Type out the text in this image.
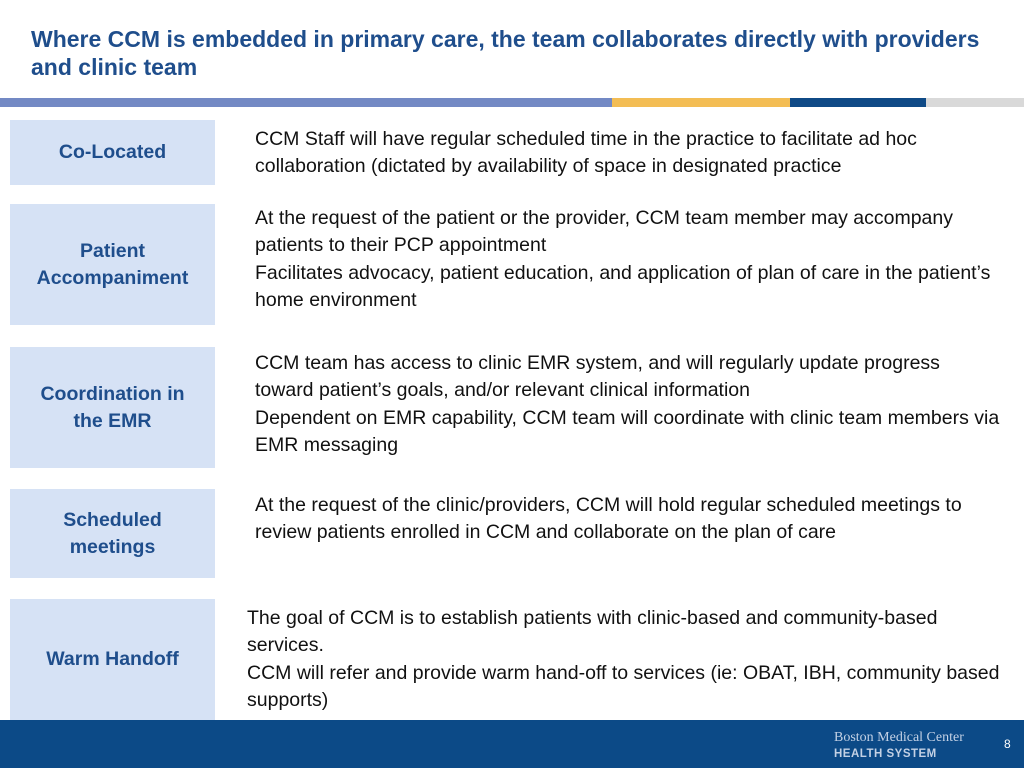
Where CCM is embedded in primary care, the team collaborates directly with providers and clinic team
Co-Located

CCM Staff will have regular scheduled time in the practice to facilitate ad hoc collaboration (dictated by availability of space in designated practice

Patient Accompaniment

At the request of the patient or the provider, CCM team member may accompany patients to their PCP appointment

Facilitates advocacy, patient education, and application of plan of care in the patient’s home environment

Coordination in the EMR

CCM team has access to clinic EMR system, and will regularly update progress toward patient’s goals, and/or relevant clinical information

Dependent on EMR capability, CCM team will coordinate with clinic team members via EMR messaging

Scheduled meetings

At the request of the clinic/providers, CCM will hold regular scheduled meetings to review patients enrolled in CCM and collaborate on the plan of care

Warm Handoff

The goal of CCM is to establish patients with clinic-based and community-based services.

CCM will refer and provide warm hand-off to services (ie: OBAT, IBH, community based supports)

Boston Medical Center
HEALTH SYSTEM
8
